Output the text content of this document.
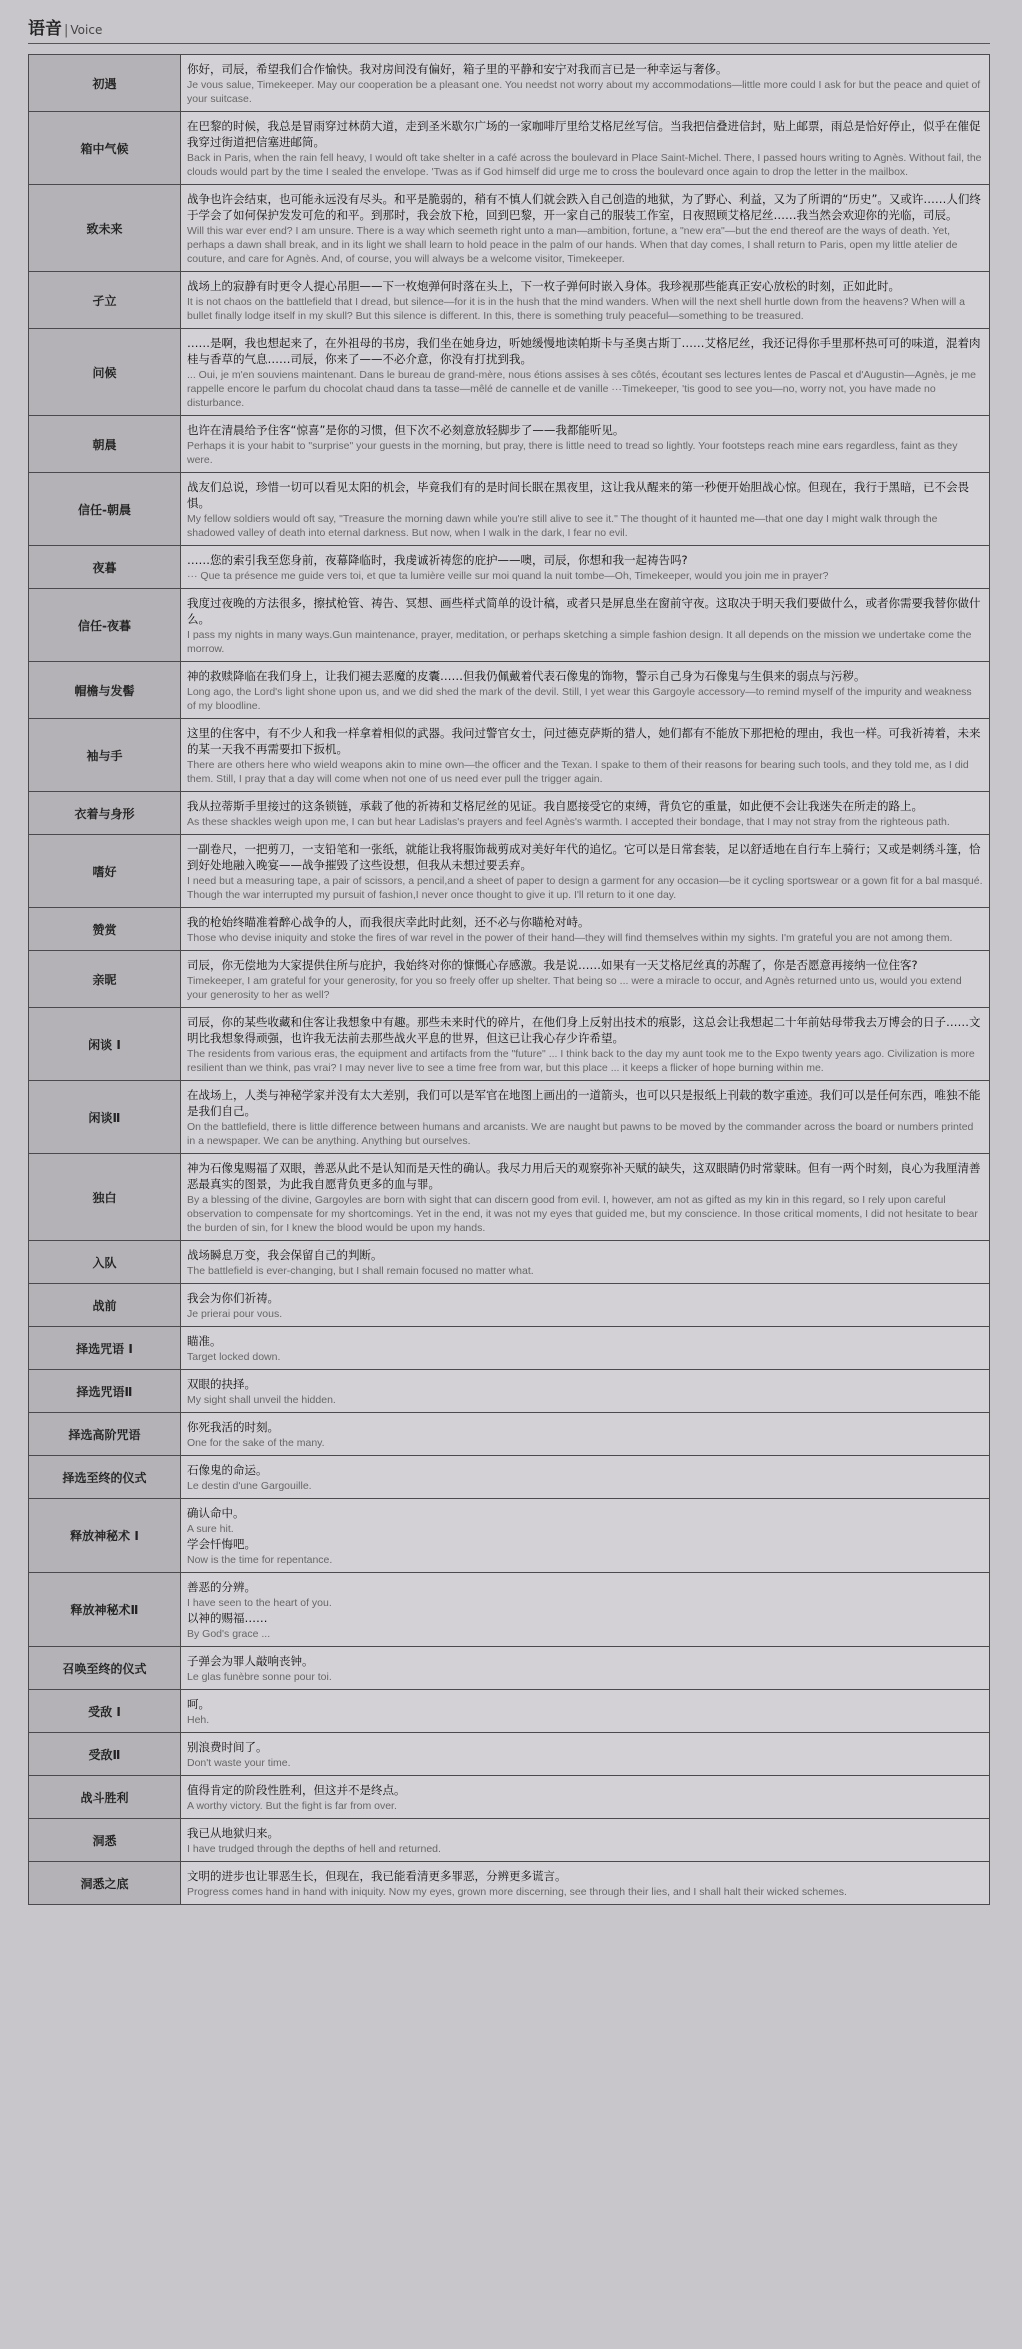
语音 | Voice
初遇	你好，司辰，希望我们合作愉快。我对房间没有偏好，箱子里的平静和安宁对我而言已是一种幸运与奢侈。
Je vous salue, Timekeeper. May our cooperation be a pleasant one. You needst not worry about my accommodations—little more could I ask for but the peace and quiet of your suitcase.

箱中气候	在巴黎的时候，我总是冒雨穿过林荫大道，走到圣米歇尔广场的一家咖啡厅里给艾格尼丝写信。当我把信叠进信封，贴上邮票，雨总是恰好停止，似乎在催促我穿过街道把信塞进邮筒。
Back in Paris, when the rain fell heavy, I would oft take shelter in a café across the boulevard in Place Saint-Michel. There, I passed hours writing to Agnès. Without fail, the clouds would part by the time I sealed the envelope. 'Twas as if God himself did urge me to cross the boulevard once again to drop the letter in the mailbox.

致未来	战争也许会结束，也可能永远没有尽头。和平是脆弱的，稍有不慎人们就会跌入自己创造的地狱，为了野心、利益，又为了所谓的“历史”。又或许……人们终于学会了如何保护发发可危的和平。到那时，我会放下枪，回到巴黎，开一家自己的服装工作室，日夜照顾艾格尼丝……我当然会欢迎你的光临，司辰。
Will this war ever end? I am unsure. There is a way which seemeth right unto a man—ambition, fortune, a "new era"—but the end thereof are the ways of death. Yet, perhaps a dawn shall break, and in its light we shall learn to hold peace in the palm of our hands. When that day comes, I shall return to Paris, open my little atelier de couture, and care for Agnès. And, of course, you will always be a welcome visitor, Timekeeper.

孑立	战场上的寂静有时更令人提心吊胆——下一枚炮弹何时落在头上，下一枚子弹何时嵌入身体。我珍视那些能真正安心放松的时刻，正如此时。
It is not chaos on the battlefield that I dread, but silence—for it is in the hush that the mind wanders. When will the next shell hurtle down from the heavens? When will a bullet finally lodge itself in my skull? But this silence is different. In this, there is something truly peaceful—something to be treasured.

问候	……是啊，我也想起来了，在外祖母的书房，我们坐在她身边，听她缓慢地读帕斯卡与圣奥古斯丁……艾格尼丝，我还记得你手里那杯热可可的味道，混着肉桂与香草的气息……司辰，你来了——不必介意，你没有打扰到我。
... Oui, je m'en souviens maintenant. Dans le bureau de grand-mère, nous étions assises à ses côtés, écoutant ses lectures lentes de Pascal et d'Augustin—Agnès, je me rappelle encore le parfum du chocolat chaud dans ta tasse—mêlé de cannelle et de vanille ···Timekeeper, 'tis good to see you—no, worry not, you have made no disturbance.

朝晨	也许在清晨给予住客“惊喜”是你的习惯，但下次不必刻意放轻脚步了——我都能听见。
Perhaps it is your habit to "surprise" your guests in the morning, but pray, there is little need to tread so lightly. Your footsteps reach mine ears regardless, faint as they were.

信任-朝晨	战友们总说，珍惜一切可以看见太阳的机会，毕竟我们有的是时间长眠在黑夜里，这让我从醒来的第一秒便开始胆战心惊。但现在，我行于黑暗，已不会畏惧。
My fellow soldiers would oft say, "Treasure the morning dawn while you're still alive to see it." The thought of it haunted me—that one day I might walk through the shadowed valley of death into eternal darkness. But now, when I walk in the dark, I fear no evil.

夜暮	……您的索引我至您身前，夜幕降临时，我虔诚祈祷您的庇护——噢，司辰，你想和我一起祷告吗?
··· Que ta présence me guide vers toi, et que ta lumière veille sur moi quand la nuit tombe—Oh, Timekeeper, would you join me in prayer?

信任-夜暮	我度过夜晚的方法很多，擦拭枪管、祷告、冥想、画些样式简单的设计稿，或者只是屏息坐在窗前守夜。这取决于明天我们要做什么，或者你需要我替你做什么。
I pass my nights in many ways.Gun maintenance, prayer, meditation, or perhaps sketching a simple fashion design. It all depends on the mission we undertake come the morrow.

帽檐与发髻	神的救赎降临在我们身上，让我们褪去恶魔的皮囊……但我仍佩戴着代表石像鬼的饰物，警示自己身为石像鬼与生俱来的弱点与污秽。
Long ago, the Lord's light shone upon us, and we did shed the mark of the devil. Still, I yet wear this Gargoyle accessory—to remind myself of the impurity and weakness of my bloodline.

袖与手	这里的住客中，有不少人和我一样拿着相似的武器。我问过警官女士，问过德克萨斯的猎人，她们都有不能放下那把枪的理由，我也一样。可我祈祷着，未来的某一天我不再需要扣下扳机。
There are others here who wield weapons akin to mine own—the officer and the Texan. I spake to them of their reasons for bearing such tools, and they told me, as I did them. Still, I pray that a day will come when not one of us need ever pull the trigger again.

衣着与身形	我从拉蒂斯手里接过的这条锁链，承载了他的祈祷和艾格尼丝的见证。我自愿接受它的束缚，背负它的重量，如此便不会让我迷失在所走的路上。
As these shackles weigh upon me, I can but hear Ladislas's prayers and feel Agnès's warmth. I accepted their bondage, that I may not stray from the righteous path.

嗜好	一副卷尺，一把剪刀，一支铅笔和一张纸，就能让我将服饰裁剪成对美好年代的追忆。它可以是日常套装，足以舒适地在自行车上骑行；又或是刺绣斗篷，恰到好处地融入晚宴——战争摧毁了这些设想，但我从未想过要丢弃。
I need but a measuring tape, a pair of scissors, a pencil,and a sheet of paper to design a garment for any occasion—be it cycling sportswear or a gown fit for a bal masqué. Though the war interrupted my pursuit of fashion,I never once thought to give it up. I'll return to it one day.

赞赏	我的枪始终瞄准着醉心战争的人，而我很庆幸此时此刻，还不必与你瞄枪对峙。
Those who devise iniquity and stoke the fires of war revel in the power of their hand—they will find themselves within my sights. I'm grateful you are not among them.

亲昵	司辰，你无偿地为大家提供住所与庇护，我始终对你的慷慨心存感激。我是说……如果有一天艾格尼丝真的苏醒了，你是否愿意再接纳一位住客?
Timekeeper, I am grateful for your generosity, for you so freely offer up shelter. That being so ... were a miracle to occur, and Agnès returned unto us, would you extend your generosity to her as well?

闲谈 I	司辰，你的某些收藏和住客让我想象中有趣。那些未来时代的碎片，在他们身上反射出技术的痕影，这总会让我想起二十年前姑母带我去万博会的日子……文明比我想象得顽强，也许我无法前去那些战火平息的世界，但这已让我心存少许希望。
The residents from various eras, the equipment and artifacts from the "future" ... I think back to the day my aunt took me to the Expo twenty years ago. Civilization is more resilient than we think, pas vrai? I may never live to see a time free from war, but this place ... it keeps a flicker of hope burning within me.

闲谈Ⅱ	在战场上，人类与神秘学家并没有太大差别，我们可以是军官在地图上画出的一道箭头，也可以只是报纸上刊载的数字重迹。我们可以是任何东西，唯独不能是我们自己。
On the battlefield, there is little difference between humans and arcanists. We are naught but pawns to be moved by the commander across the board or numbers printed in a newspaper. We can be anything. Anything but ourselves.

独白	神为石像鬼赐福了双眼，善恶从此不是认知而是天性的确认。我尽力用后天的观察弥补天赋的缺失，这双眼睛仍时常蒙昧。但有一两个时刻，良心为我厘清善恶最真实的图景，为此我自愿背负更多的血与罪。
By a blessing of the divine, Gargoyles are born with sight that can discern good from evil. I, however, am not as gifted as my kin in this regard, so I rely upon careful observation to compensate for my shortcomings. Yet in the end, it was not my eyes that guided me, but my conscience. In those critical moments, I did not hesitate to bear the burden of sin, for I knew the blood would be upon my hands.

入队	战场瞬息万变，我会保留自己的判断。
The battlefield is ever-changing, but I shall remain focused no matter what.

战前	我会为你们祈祷。
Je prierai pour vous.

择选咒语 I	瞄准。
Target locked down.

择选咒语Ⅱ	双眼的抉择。
My sight shall unveil the hidden.

择选高阶咒语	你死我活的时刻。
One for the sake of the many.

择选至终的仪式	石像鬼的命运。
Le destin d'une Gargouille.

释放神秘术 I	确认命中。
A sure hit.
学会忏悔吧。
Now is the time for repentance.

释放神秘术Ⅱ	善恶的分辨。
I have seen to the heart of you.
以神的赐福……
By God's grace ...

召唤至终的仪式	子弹会为罪人敲响丧钟。
Le glas funèbre sonne pour toi.

受敌 I	呵。
Heh.

受敌Ⅱ	别浪费时间了。
Don't waste your time.

战斗胜利	值得肯定的阶段性胜利，但这并不是终点。
A worthy victory. But the fight is far from over.

洞悉	我已从地狱归来。
I have trudged through the depths of hell and returned.

洞悉之底	文明的进步也让罪恶生长，但现在，我已能看清更多罪恶，分辨更多谎言。
Progress comes hand in hand with iniquity. Now my eyes, grown more discerning, see through their lies, and I shall halt their wicked schemes.
